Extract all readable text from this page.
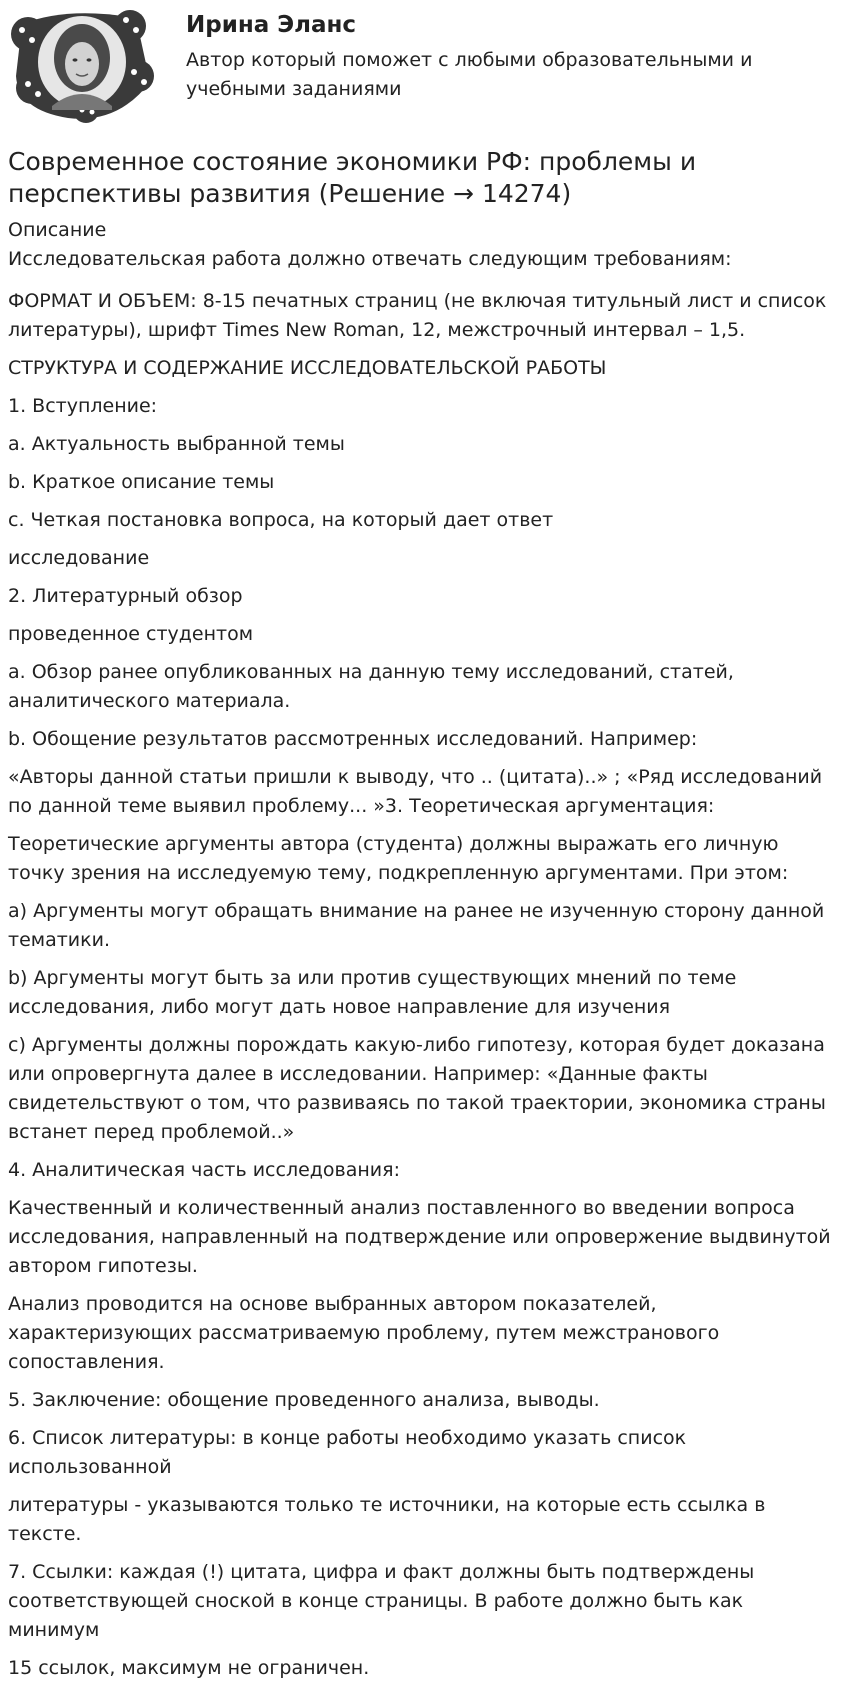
Ирина Эланс

Автор который поможет с любыми образовательными и учебными заданиями

Современное состояние экономики РФ: проблемы и перспективы развития (Решение → 14274)

Описание

Исследовательская работа должно отвечать следующим требованиям:

ФОРМАТ И ОБЪЕМ: 8-15 печатных страниц (не включая титульный лист и список литературы), шрифт Times New Roman, 12, межстрочный интервал – 1,5.

СТРУКТУРА И СОДЕРЖАНИЕ ИССЛЕДОВАТЕЛЬСКОЙ РАБОТЫ

1. Вступление:

a. Актуальность выбранной темы

b. Краткое описание темы

c. Четкая постановка вопроса, на который дает ответ

исследование

2. Литературный обзор

проведенное студентом

a. Обзор ранее опубликованных на данную тему исследований, статей, аналитического материала.

b. Обощение результатов рассмотренных исследований. Например:

«Авторы данной статьи пришли к выводу, что .. (цитата)..» ; «Ряд исследований по данной теме выявил проблему... »3. Теоретическая аргументация:

Теоретические аргументы автора (студента) должны выражать его личную точку зрения на исследуемую тему, подкрепленную аргументами. При этом:

a) Аргументы могут обращать внимание на ранее не изученную сторону данной тематики.

b) Аргументы могут быть за или против существующих мнений по теме исследования, либо могут дать новое направление для изучения

c) Аргументы должны порождать какую-либо гипотезу, которая будет доказана или опровергнута далее в исследовании. Например: «Данные факты свидетельствуют о том, что развиваясь по такой траектории, экономика страны встанет перед проблемой..»

4. Аналитическая часть исследования:

Качественный и количественный анализ поставленного во введении вопроса исследования, направленный на подтверждение или опровержение выдвинутой автором гипотезы.

Анализ проводится на основе выбранных автором показателей, характеризующих рассматриваемую проблему, путем межстранового сопоставления.

5. Заключение: обощение проведенного анализа, выводы.

6. Список литературы: в конце работы необходимо указать список использованной

литературы - указываются только те источники, на которые есть ссылка в тексте.

7. Ссылки: каждая (!) цитата, цифра и факт должны быть подтверждены соответствующей сноской в конце страницы. В работе должно быть как минимум

15 ссылок, максимум не ограничен.
